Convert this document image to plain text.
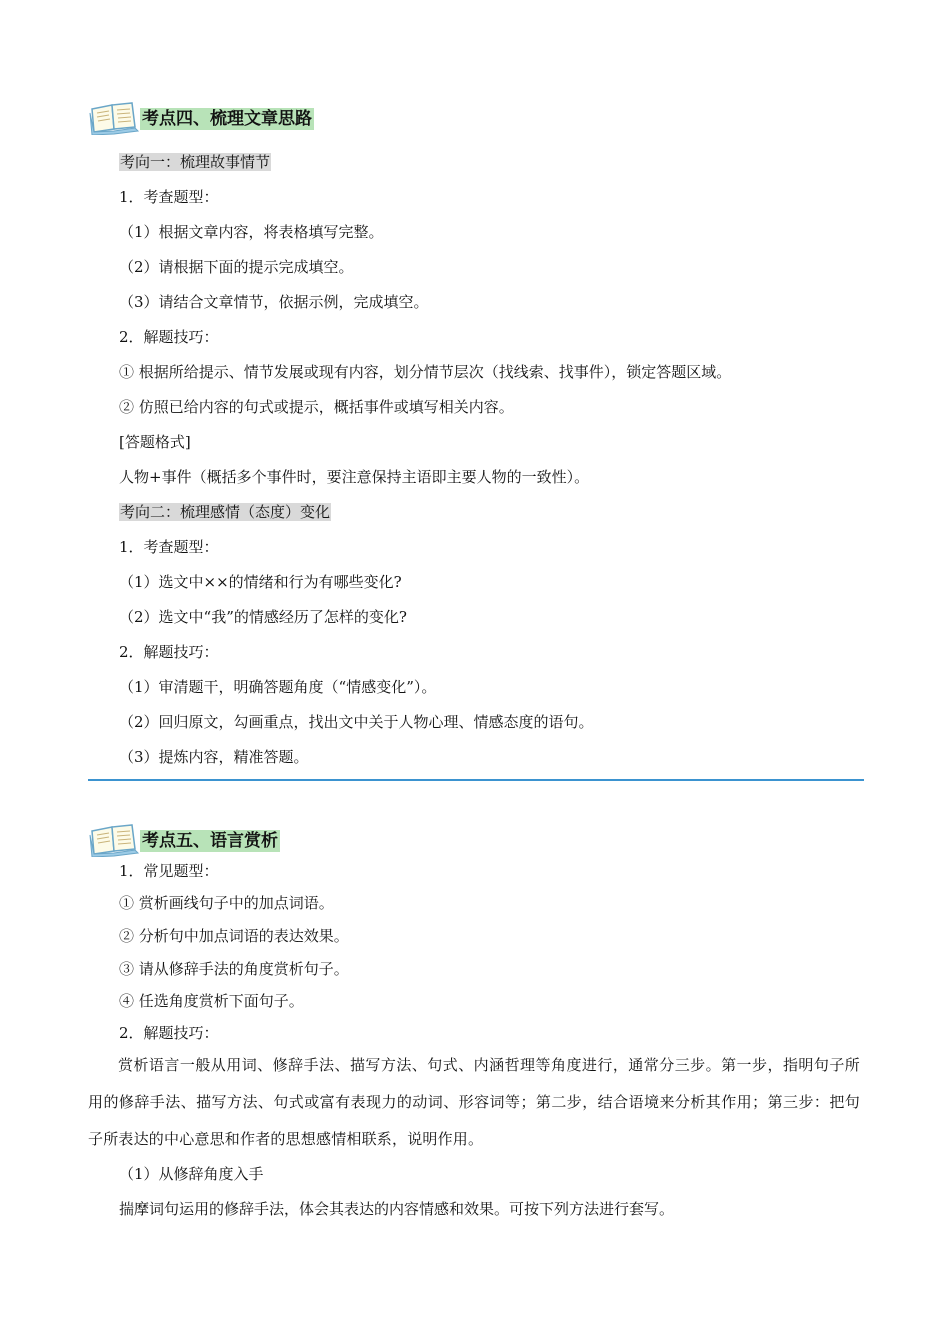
考点四、梳理文章思路
考向一：梳理故事情节
1．考查题型：
（1）根据文章内容，将表格填写完整。
（2）请根据下面的提示完成填空。
（3）请结合文章情节，依据示例，完成填空。
2．解题技巧：
① 根据所给提示、情节发展或现有内容，划分情节层次（找线索、找事件），锁定答题区域。
② 仿照已给内容的句式或提示，概括事件或填写相关内容。
[答题格式]
人物+事件（概括多个事件时，要注意保持主语即主要人物的一致性）。
考向二：梳理感情（态度）变化
1．考查题型：
（1）选文中××的情绪和行为有哪些变化?
（2）选文中“我”的情感经历了怎样的变化?
2．解题技巧：
（1）审清题干，明确答题角度（“情感变化”）。
（2）回归原文，勾画重点，找出文中关于人物心理、情感态度的语句。
（3）提炼内容，精准答题。
考点五、语言赏析
1．常见题型：
① 赏析画线句子中的加点词语。
② 分析句中加点词语的表达效果。
③ 请从修辞手法的角度赏析句子。
④ 任选角度赏析下面句子。
2．解题技巧：
赏析语言一般从用词、修辞手法、描写方法、句式、内涵哲理等角度进行，通常分三步。第一步，指明句子所用的修辞手法、描写方法、句式或富有表现力的动词、形容词等；第二步，结合语境来分析其作用；第三步：把句子所表达的中心意思和作者的思想感情相联系，说明作用。
（1）从修辞角度入手
揣摩词句运用的修辞手法，体会其表达的内容情感和效果。可按下列方法进行套写。
